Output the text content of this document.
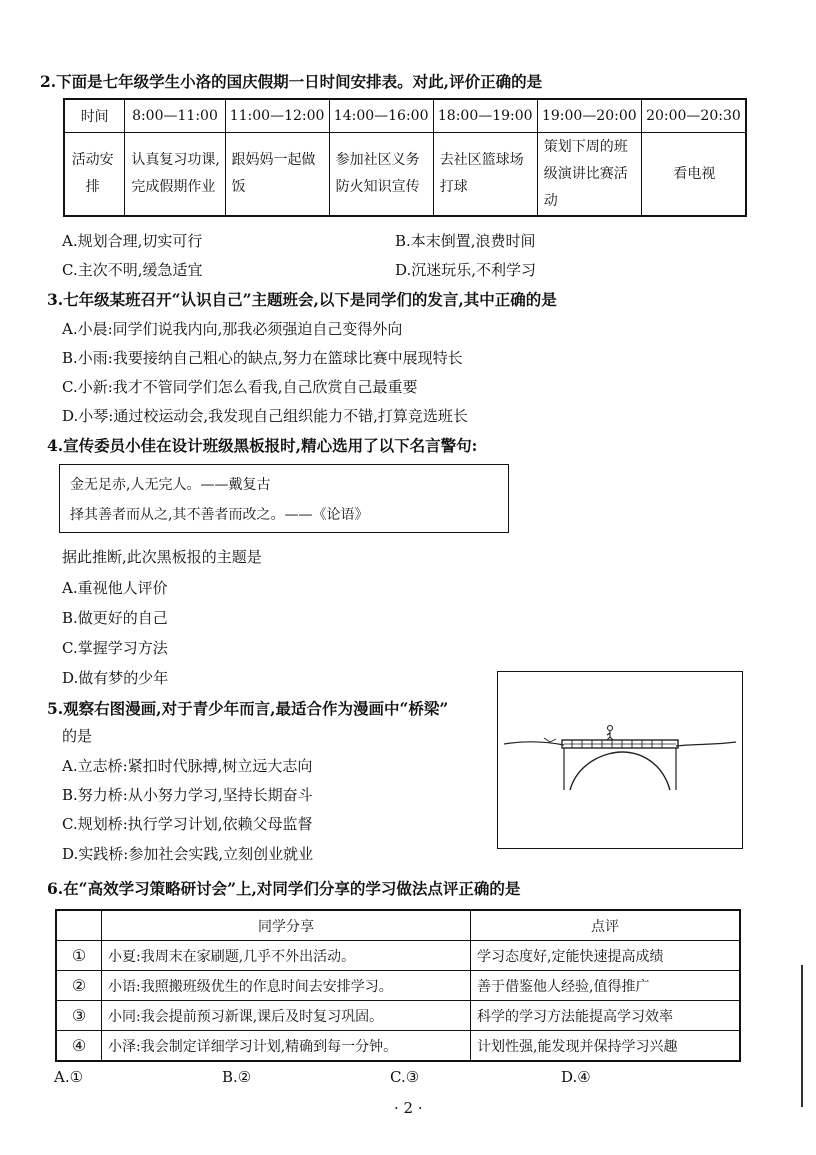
2.下面是七年级学生小洛的国庆假期一日时间安排表。对此,评价正确的是
时间	8:00—11:00	11:00—12:00	14:00—16:00	18:00—19:00	19:00—20:00	20:00—20:30
活动安排	认真复习功课,完成假期作业	跟妈妈一起做饭	参加社区义务防火知识宣传	去社区篮球场打球	策划下周的班级演讲比赛活动	看电视
A.规划合理,切实可行	B.本末倒置,浪费时间
C.主次不明,缓急适宜	D.沉迷玩乐,不利学习
3.七年级某班召开“认识自己”主题班会,以下是同学们的发言,其中正确的是
A.小晨:同学们说我内向,那我必须强迫自己变得外向
B.小雨:我要接纳自己粗心的缺点,努力在篮球比赛中展现特长
C.小新:我才不管同学们怎么看我,自己欣赏自己最重要
D.小琴:通过校运动会,我发现自己组织能力不错,打算竞选班长
4.宣传委员小佳在设计班级黑板报时,精心选用了以下名言警句:
金无足赤,人无完人。——戴复古
择其善者而从之,其不善者而改之。——《论语》
据此推断,此次黑板报的主题是
A.重视他人评价
B.做更好的自己
C.掌握学习方法
D.做有梦的少年
5.观察右图漫画,对于青少年而言,最适合作为漫画中“桥梁”
的是
A.立志桥:紧扣时代脉搏,树立远大志向
B.努力桥:从小努力学习,坚持长期奋斗
C.规划桥:执行学习计划,依赖父母监督
D.实践桥:参加社会实践,立刻创业就业
6.在“高效学习策略研讨会”上,对同学们分享的学习做法点评正确的是
	同学分享	点评
①	小夏:我周末在家刷题,几乎不外出活动。	学习态度好,定能快速提高成绩
②	小语:我照搬班级优生的作息时间去安排学习。	善于借鉴他人经验,值得推广
③	小同:我会提前预习新课,课后及时复习巩固。	科学的学习方法能提高学习效率
④	小泽:我会制定详细学习计划,精确到每一分钟。	计划性强,能发现并保持学习兴趣
A.①	B.②	C.③	D.④
· 2 ·
